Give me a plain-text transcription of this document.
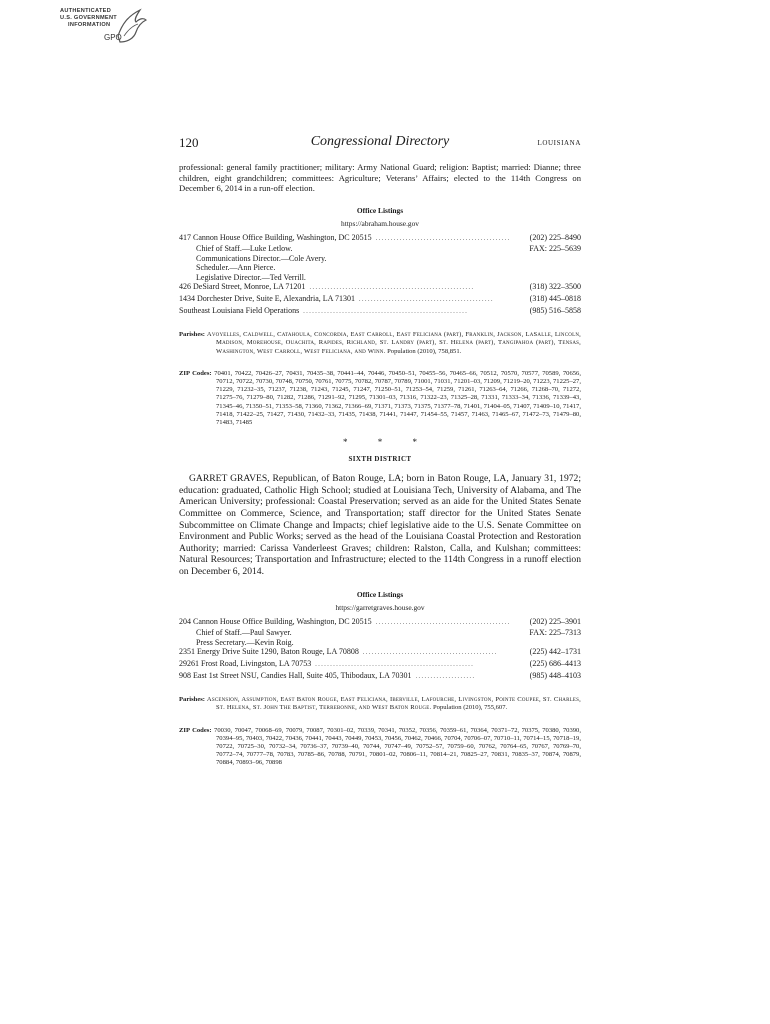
AUTHENTICATED
U.S. GOVERNMENT
INFORMATION
GPO
120	Congressional Directory	LOUISIANA

professional: general family practitioner; military: Army National Guard; religion: Baptist; married: Dianne; three children, eight grandchildren; committees: Agriculture; Veterans’ Affairs; elected to the 114th Congress on December 6, 2014 in a run-off election.

Office Listings
https://abraham.house.gov
417 Cannon House Office Building, Washington, DC 20515 . . . . . . . . . . . . . . . . . . . . . . . . . . . . . . . . . . . . . . . . . . . . .	(202) 225–8490
Chief of Staff.—Luke Letlow.	FAX: 225–5639
Communications Director.—Cole Avery.
Scheduler.—Ann Pierce.
Legislative Director.—Ted Verrill.
426 DeSiard Street, Monroe, LA 71201 . . . . . . . . . . . . . . . . . . . . . . . . . . . . . . . . . . . . . . . . . . . . . . . . . . . . . . .	(318) 322–3500
1434 Dorchester Drive, Suite E, Alexandria, LA 71301 . . . . . . . . . . . . . . . . . . . . . . . . . . . . . . . . . . . . . . . . . . . . .	(318) 445–0818
Southeast Louisiana Field Operations . . . . . . . . . . . . . . . . . . . . . . . . . . . . . . . . . . . . . . . . . . . . . . . . . . . . . . .	(985) 516–5858

Parishes: Avoyelles, Caldwell, Catahoula, Concordia, East Carroll, East Feliciana (part), Franklin, Jackson, LaSalle, Lincoln, Madison, Morehouse, Ouachita, Rapides, Richland, St. Landry (part), St. Helena (part), Tangipahoa (part), Tensas, Washington, West Carroll, West Feliciana, and Winn. Population (2010), 758,851.

ZIP Codes: 70401, 70422, 70426–27, 70431, 70435–38, 70441–44, 70446, 70450–51, 70455–56, 70465–66, 70512, 70570, 70577, 70589, 70656, 70712, 70722, 70730, 70748, 70750, 70761, 70775, 70782, 70787, 70789, 71001, 71031, 71201–03, 71209, 71219–20, 71223, 71225–27, 71229, 71232–35, 71237, 71238, 71243, 71245, 71247, 71250–51, 71253–54, 71259, 71261, 71263–64, 71266, 71268–70, 71272, 71275–76, 71279–80, 71282, 71286, 71291–92, 71295, 71301–03, 71316, 71322–23, 71325–28, 71331, 71333–34, 71336, 71339–43, 71345–46, 71350–51, 71353–58, 71360, 71362, 71366–69, 71371, 71373, 71375, 71377–78, 71401, 71404–05, 71407, 71409–10, 71417, 71418, 71422–25, 71427, 71430, 71432–33, 71435, 71438, 71441, 71447, 71454–55, 71457, 71463, 71465–67, 71472–73, 71479–80, 71483, 71485

* * *
SIXTH DISTRICT

GARRET GRAVES, Republican, of Baton Rouge, LA; born in Baton Rouge, LA, January 31, 1972; education: graduated, Catholic High School; studied at Louisiana Tech, University of Alabama, and The American University; professional: Coastal Preservation; served as an aide for the United States Senate Committee on Commerce, Science, and Transportation; staff director for the United States Senate Subcommittee on Climate Change and Impacts; chief legislative aide to the U.S. Senate Committee on Environment and Public Works; served as the head of the Louisiana Coastal Protection and Restoration Authority; married: Carissa Vanderleest Graves; children: Ralston, Calla, and Kulshan; committees: Natural Resources; Transportation and Infrastructure; elected to the 114th Congress in a runoff election on December 6, 2014.

Office Listings
https://garretgraves.house.gov
204 Cannon House Office Building, Washington, DC 20515 . . . . . . . . . . . . . . . . . . . . . . . . . . . . . . . . . . . . . . . . . . . . .	(202) 225–3901
Chief of Staff.—Paul Sawyer.	FAX: 225–7313
Press Secretary.—Kevin Roig.
2351 Energy Drive Suite 1290, Baton Rouge, LA 70808 . . . . . . . . . . . . . . . . . . . . . . . . . . . . . . . . . . . . . . . . . . . . .	(225) 442–1731
29261 Frost Road, Livingston, LA 70753 . . . . . . . . . . . . . . . . . . . . . . . . . . . . . . . . . . . . . . . . . . . . . . . . . . . . .	(225) 686–4413
908 East 1st Street NSU, Candies Hall, Suite 405, Thibodaux, LA 70301 . . . . . . . . . . . . . . . . . . . .	(985) 448–4103

Parishes: Ascension, Assumption, East Baton Rouge, East Feliciana, Iberville, Lafourche, Livingston, Pointe Coupee, St. Charles, St. Helena, St. John The Baptist, Terrebonne, and West Baton Rouge. Population (2010), 755,607.

ZIP Codes: 70030, 70047, 70068–69, 70079, 70087, 70301–02, 70339, 70341, 70352, 70356, 70359–61, 70364, 70371–72, 70375, 70380, 70390, 70394–95, 70403, 70422, 70436, 70441, 70443, 70449, 70453, 70456, 70462, 70466, 70704, 70706–07, 70710–11, 70714–15, 70718–19, 70722, 70725–30, 70732–34, 70736–37, 70739–40, 70744, 70747–49, 70752–57, 70759–60, 70762, 70764–65, 70767, 70769–70, 70772–74, 70777–78, 70783, 70785–86, 70788, 70791, 70801–02, 70806–11, 70814–21, 70825–27, 70831, 70835–37, 70874, 70879, 70884, 70893–96, 70898
